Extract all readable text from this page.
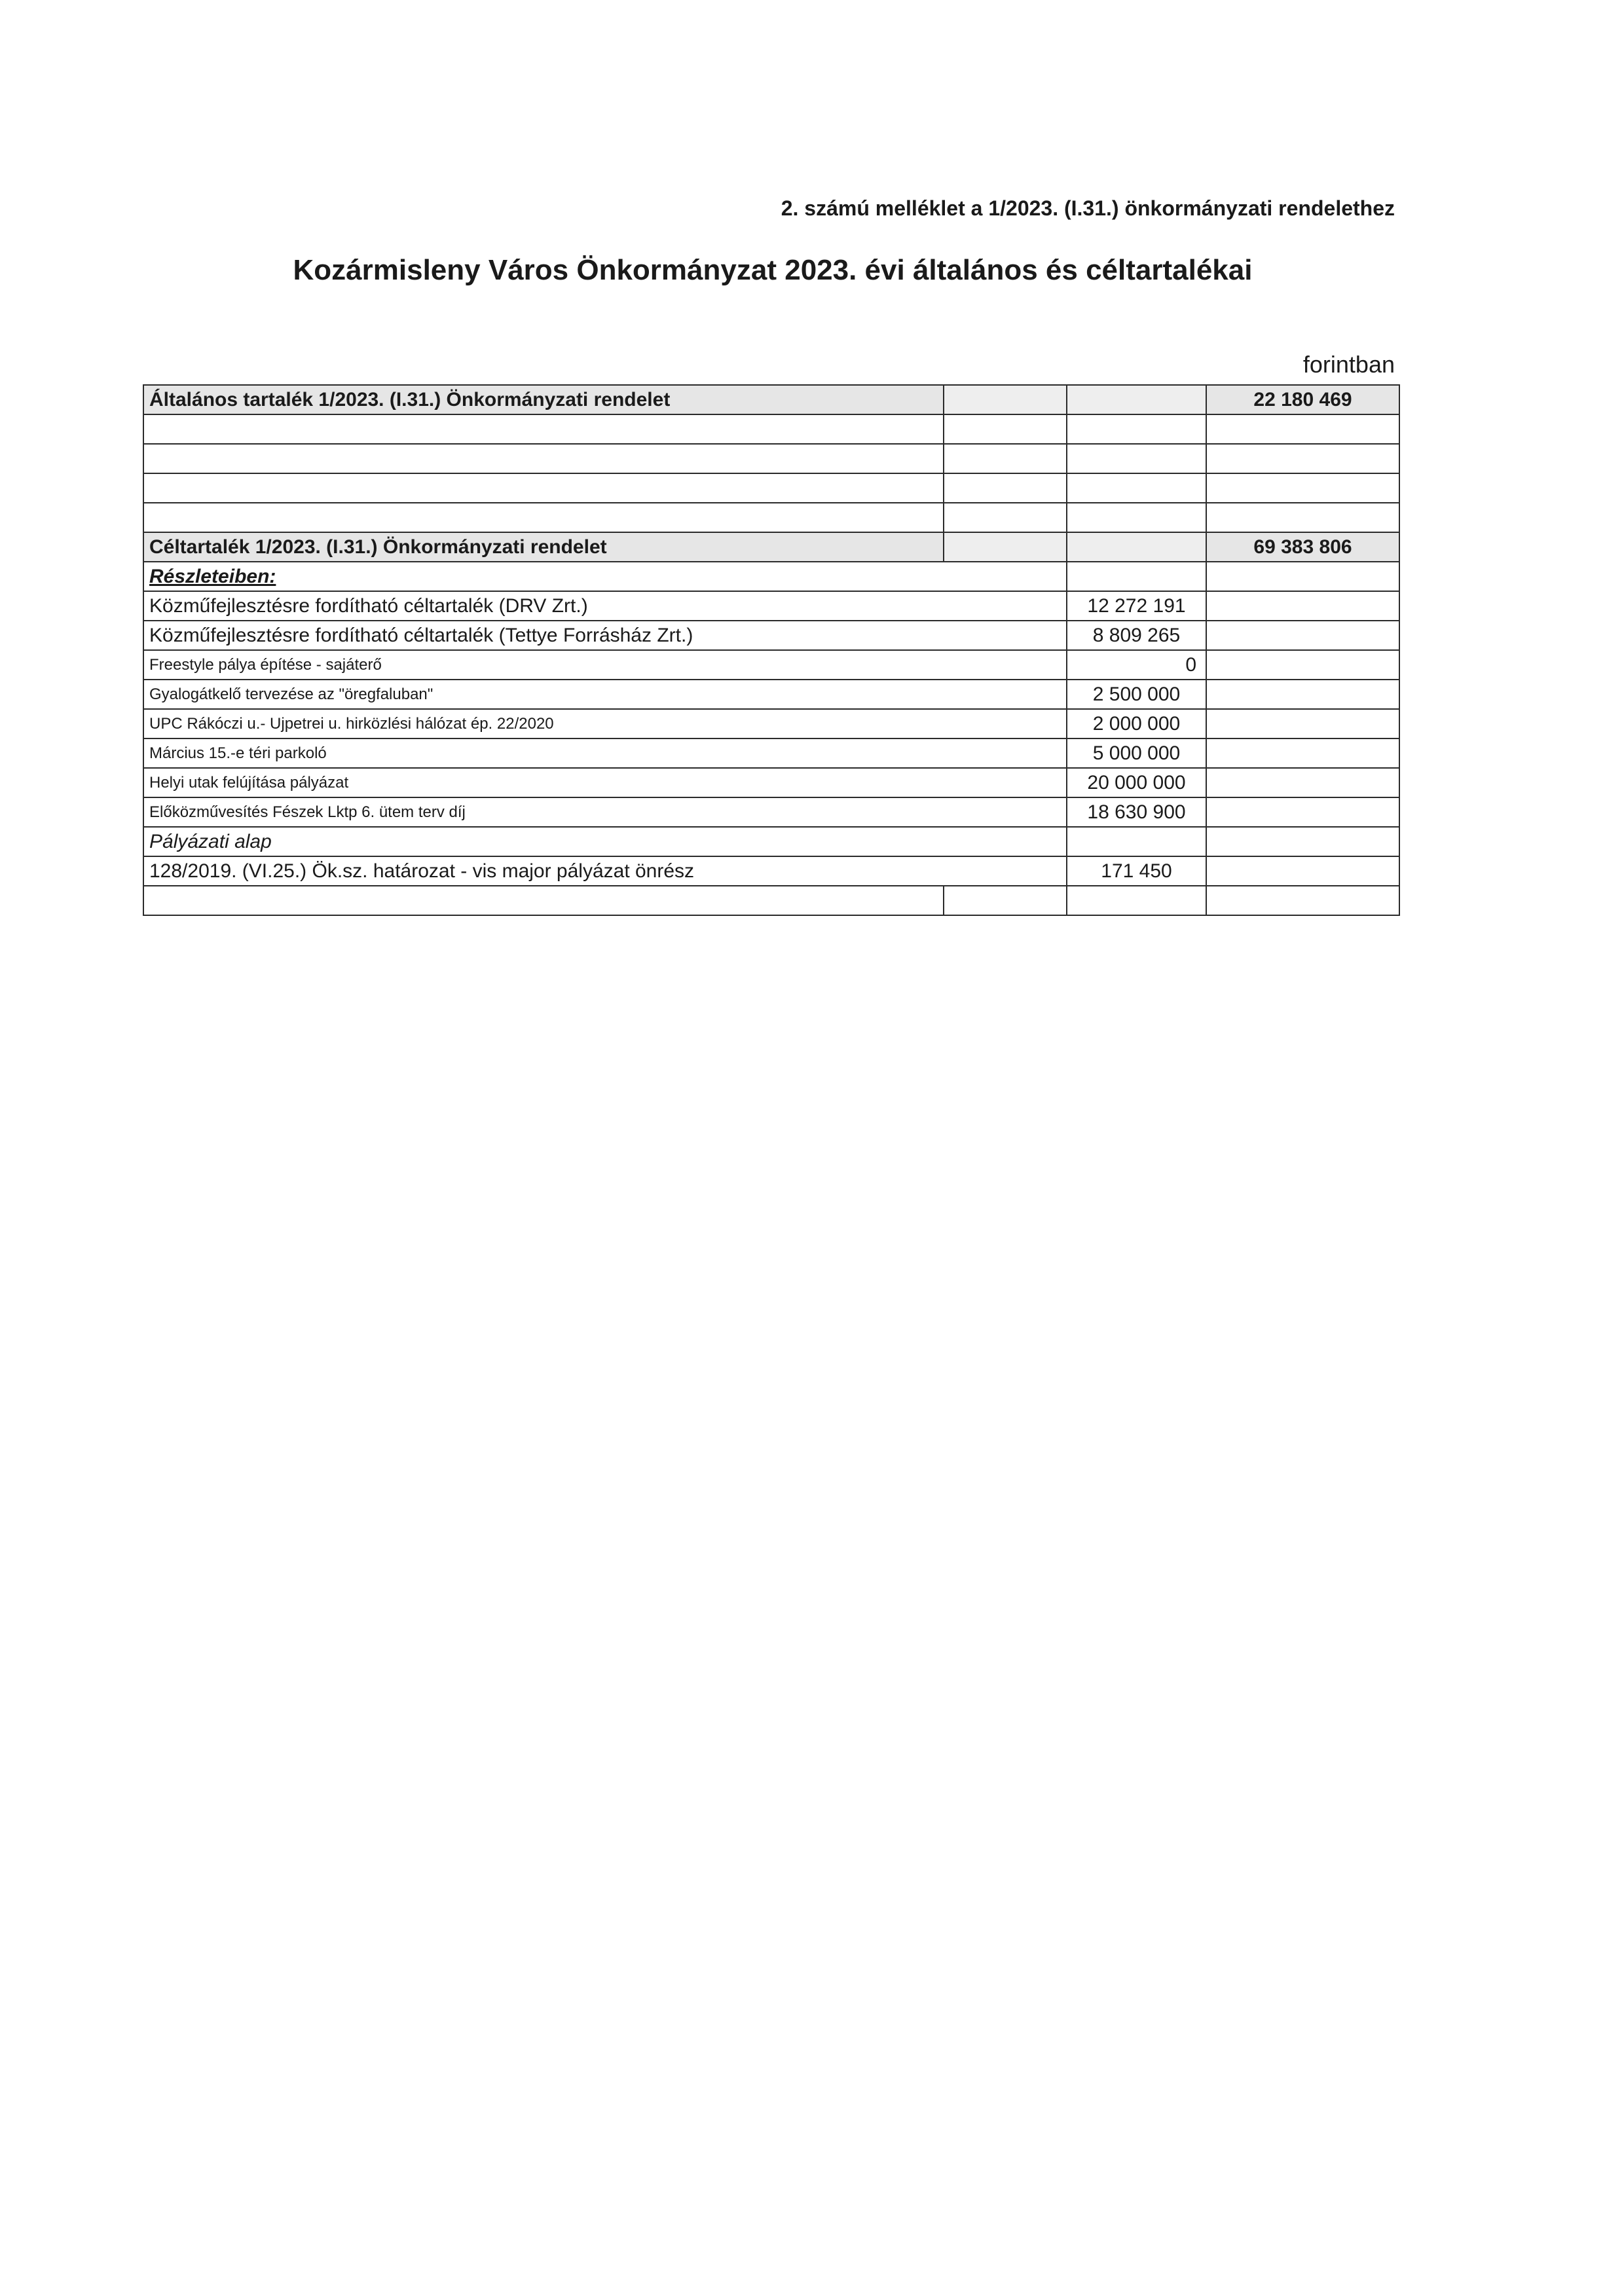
2. számú melléklet a 1/2023. (I.31.) önkormányzati rendelethez
Kozármisleny Város Önkormányzat 2023. évi általános és céltartalékai
forintban
Általános tartalék 1/2023. (I.31.) Önkormányzati rendelet			22 180 469

Céltartalék 1/2023. (I.31.) Önkormányzati rendelet			69 383 806
Részleteiben:			
Közműfejlesztésre fordítható céltartalék (DRV Zrt.)		12 272 191	
Közműfejlesztésre fordítható céltartalék (Tettye Forrásház Zrt.)		8 809 265	
Freestyle pálya építése - sajáterő		0	
Gyalogátkelő tervezése az "öregfaluban"		2 500 000	
UPC Rákóczi u.- Ujpetrei u. hirközlési hálózat ép. 22/2020		2 000 000	
Március 15.-e téri parkoló		5 000 000	
Helyi utak felújítása pályázat		20 000 000	
Előközművesítés Fészek Lktp 6. ütem terv díj		18 630 900	
Pályázati alap			
128/2019. (VI.25.) Ök.sz. határozat - vis major pályázat önrész		171 450	
